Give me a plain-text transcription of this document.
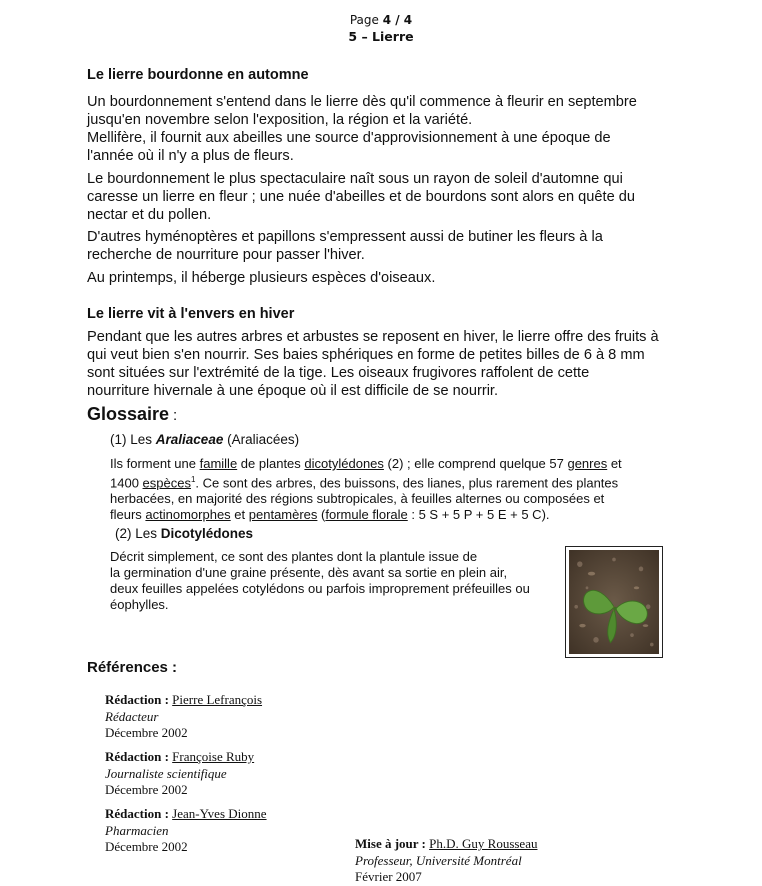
Page 4 / 4
5 – Lierre
Le lierre bourdonne en automne
Un bourdonnement s'entend dans le lierre dès qu'il commence à fleurir en septembre
jusqu'en novembre selon l'exposition, la région et la variété.
Mellifère, il fournit aux abeilles une source d'approvisionnement à une époque de
l'année où il n'y a plus de fleurs.
Le bourdonnement le plus spectaculaire naît sous un rayon de soleil d'automne qui
caresse un lierre en fleur ; une nuée d'abeilles et de bourdons sont alors en quête du
nectar et du pollen.
D'autres hyménoptères et papillons s'empressent aussi de butiner les fleurs à la
recherche de nourriture pour passer l'hiver.
Au printemps, il héberge plusieurs espèces d'oiseaux.
Le lierre vit à l'envers en hiver
Pendant que les autres arbres et arbustes se reposent en hiver, le lierre offre des fruits à
qui veut bien s'en nourrir. Ses baies sphériques en forme de petites billes de 6 à 8 mm
sont situées sur l'extrémité de la tige. Les oiseaux frugivores raffolent de cette
nourriture hivernale à une époque où il est difficile de se nourrir.
Glossaire :
(1) Les Araliaceae (Araliacées)
Ils forment une famille de plantes dicotylédones (2) ; elle comprend quelque 57 genres et
1400 espèces$^1$. Ce sont des arbres, des buissons, des lianes, plus rarement des plantes
herbacées, en majorité des régions subtropicales, à feuilles alternes ou composées et
fleurs actinomorphes et pentamères (formule florale : 5 S + 5 P + 5 E + 5 C).
(2) Les Dicotylédones
Décrit simplement, ce sont des plantes dont la plantule issue de
la germination d'une graine présente, dès avant sa sortie en plein air,
deux feuilles appelées cotylédons ou parfois improprement préfeuilles ou
éophylles.
Références :
Rédaction : Pierre Lefrançois
Rédacteur
Décembre 2002
Rédaction : Françoise Ruby
Journaliste scientifique
Décembre 2002
Rédaction : Jean-Yves Dionne
Pharmacien
Décembre 2002	Mise à jour : Ph.D. Guy Rousseau
Professeur, Université Montréal
Février 2007
